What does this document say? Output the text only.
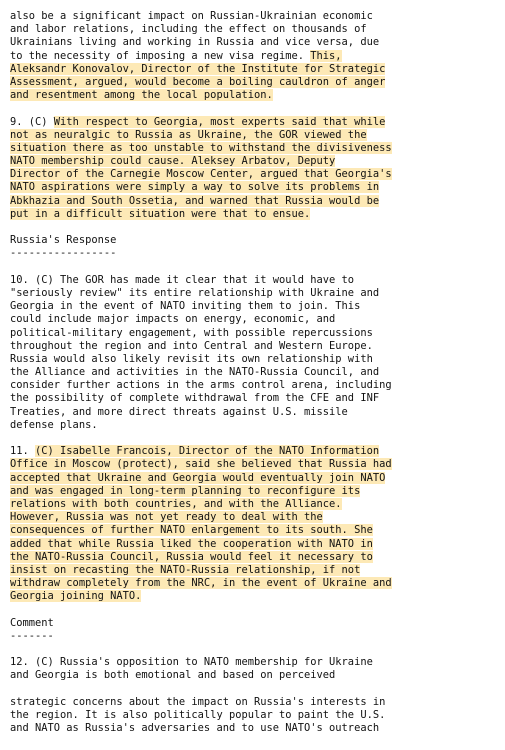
also be a significant impact on Russian-Ukrainian economic
and labor relations, including the effect on thousands of
Ukrainians living and working in Russia and vice versa, due
to the necessity of imposing a new visa regime. This,
Aleksandr Konovalov, Director of the Institute for Strategic
Assessment, argued, would become a boiling cauldron of anger
and resentment among the local population.
9. (C) With respect to Georgia, most experts said that while
not as neuralgic to Russia as Ukraine, the GOR viewed the
situation there as too unstable to withstand the divisiveness
NATO membership could cause. Aleksey Arbatov, Deputy
Director of the Carnegie Moscow Center, argued that Georgia's
NATO aspirations were simply a way to solve its problems in
Abkhazia and South Ossetia, and warned that Russia would be
put in a difficult situation were that to ensue.
Russia's Response
-----------------
10. (C) The GOR has made it clear that it would have to
"seriously review" its entire relationship with Ukraine and
Georgia in the event of NATO inviting them to join. This
could include major impacts on energy, economic, and
political-military engagement, with possible repercussions
throughout the region and into Central and Western Europe.
Russia would also likely revisit its own relationship with
the Alliance and activities in the NATO-Russia Council, and
consider further actions in the arms control arena, including
the possibility of complete withdrawal from the CFE and INF
Treaties, and more direct threats against U.S. missile
defense plans.
11. (C) Isabelle Francois, Director of the NATO Information
Office in Moscow (protect), said she believed that Russia had
accepted that Ukraine and Georgia would eventually join NATO
and was engaged in long-term planning to reconfigure its
relations with both countries, and with the Alliance.
However, Russia was not yet ready to deal with the
consequences of further NATO enlargement to its south. She
added that while Russia liked the cooperation with NATO in
the NATO-Russia Council, Russia would feel it necessary to
insist on recasting the NATO-Russia relationship, if not
withdraw completely from the NRC, in the event of Ukraine and
Georgia joining NATO.
Comment
-------
12. (C) Russia's opposition to NATO membership for Ukraine
and Georgia is both emotional and based on perceived
strategic concerns about the impact on Russia's interests in
the region. It is also politically popular to paint the U.S.
and NATO as Russia's adversaries and to use NATO's outreach
